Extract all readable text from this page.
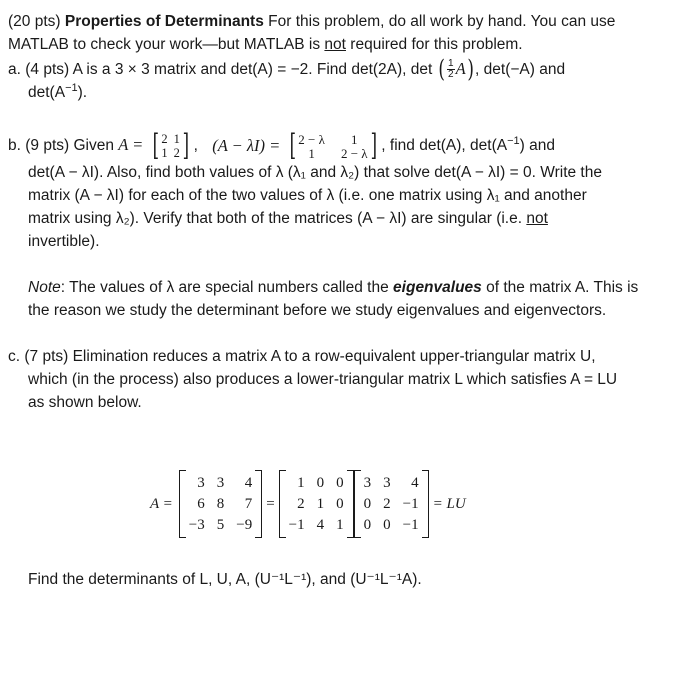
(20 pts) Properties of Determinants For this problem, do all work by hand. You can use

MATLAB to check your work—but MATLAB is not required for this problem.

a. (4 pts) A is a 3 × 3 matrix and det(A) = −2. Find det(2A), det ( $\frac{1}{2} A$), det(−A) and

$\det(A^{-1})$.

b. (9 pts) Given A = [ 2 1
1 2 ] , (A − λI) = [ 2 − λ	1
1	2 − λ ] , find det(A), $\det(A^{-1})$ and

det(A − λI). Also, find both values of λ (λ₁ and λ₂) that solve det(A − λI) = 0. Write the

matrix (A − λI) for each of the two values of λ (i.e. one matrix using λ₁ and another

matrix using λ₂). Verify that both of the matrices (A − λI) are singular (i.e. not

invertible).

Note: The values of λ are special numbers called the eigenvalues of the matrix A. This is

the reason we study the determinant before we study eigenvalues and eigenvectors.

c. (7 pts) Elimination reduces a matrix A to a row-equivalent upper-triangular matrix U,

which (in the process) also produces a lower-triangular matrix L which satisfies A = LU

as shown below.

A =
3 3	4
6 8	7
−3 5 −9
=
1 0 0
2 1 0
−1 4 1
3 3	4
0 2 −1
0 0 −1
= LU

Find the determinants of L, U, A, (U⁻¹L⁻¹), and (U⁻¹L⁻¹A).
